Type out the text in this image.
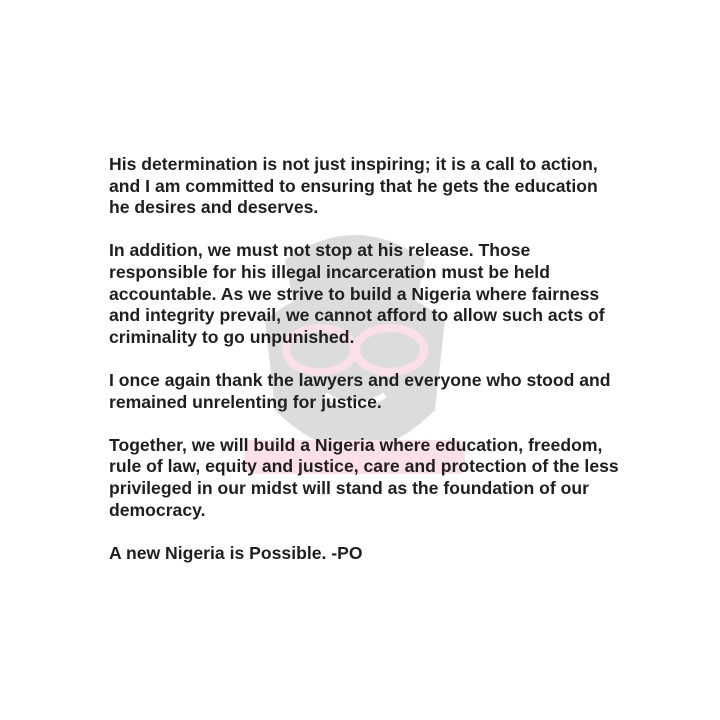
His determination is not just inspiring; it is a call to action,
and I am committed to ensuring that he gets the education
he desires and deserves.

In addition, we must not stop at his release. Those
responsible for his illegal incarceration must be held
accountable. As we strive to build a Nigeria where fairness
and integrity prevail, we cannot afford to allow such acts of
criminality to go unpunished.

I once again thank the lawyers and everyone who stood and
remained unrelenting for justice.

Together, we will build a Nigeria where education, freedom,
rule of law, equity and justice, care and protection of the less
privileged in our midst will stand as the foundation of our
democracy.

A new Nigeria is Possible. -PO
